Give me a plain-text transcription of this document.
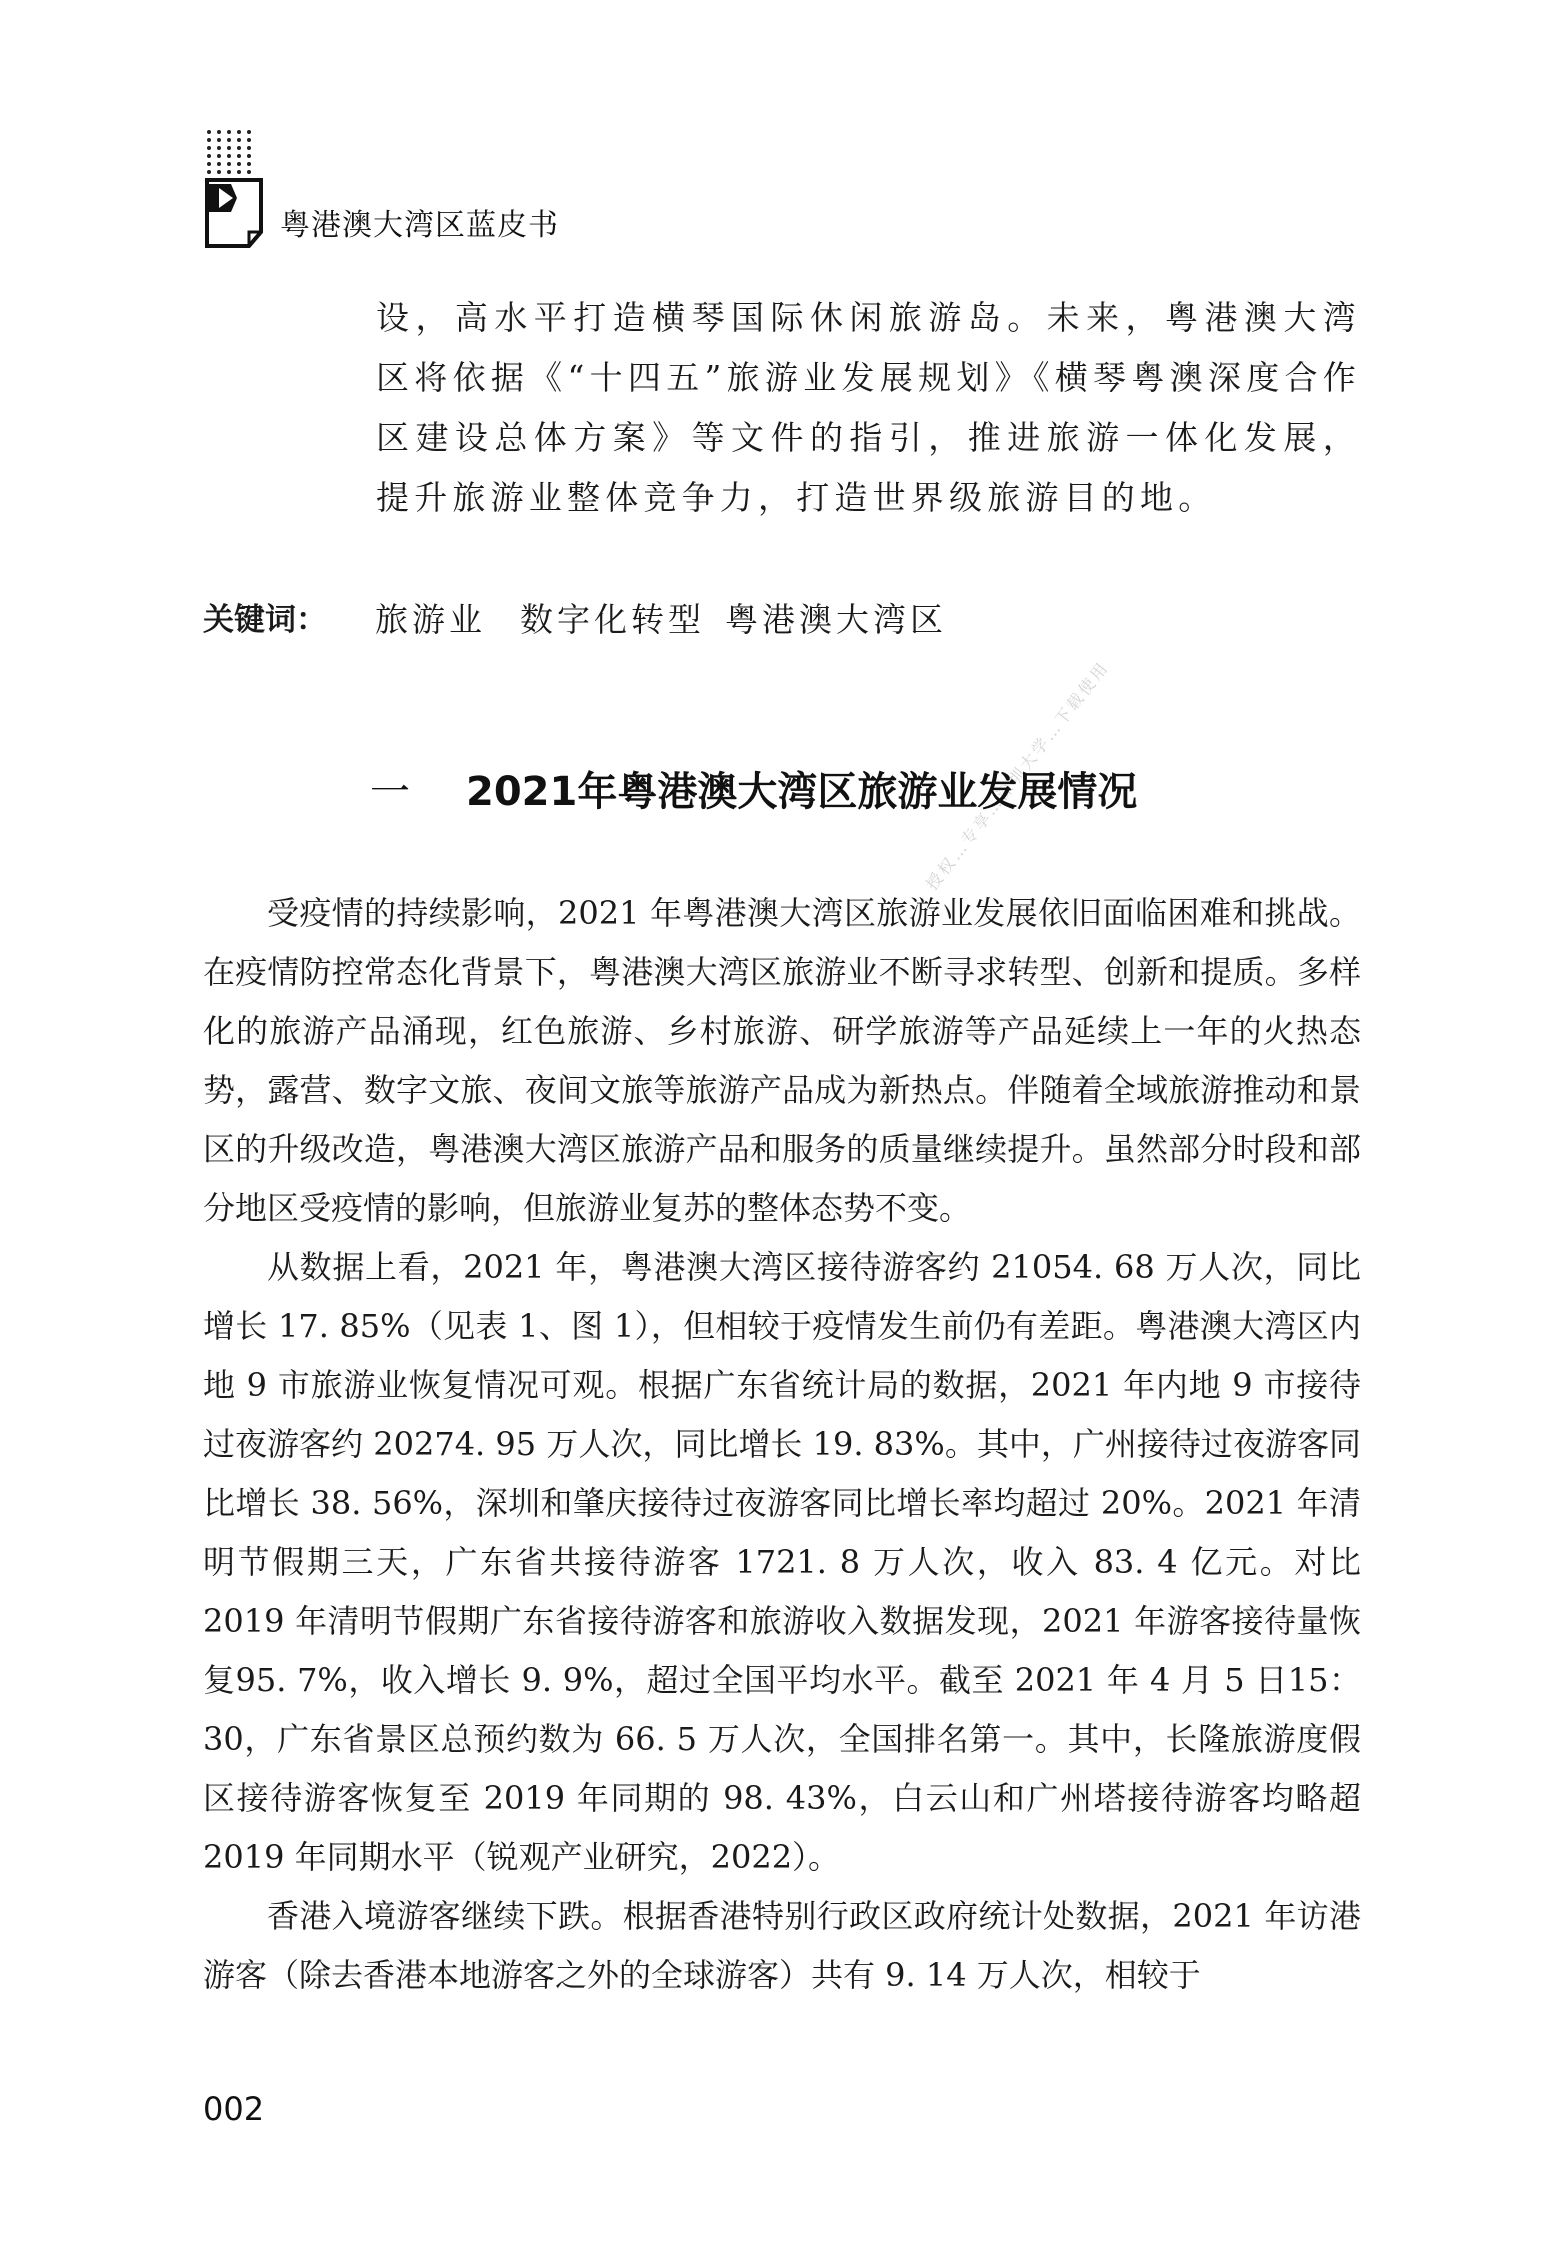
粤港澳大湾区蓝皮书
设，高水平打造横琴国际休闲旅游岛。未来，粤港澳大湾区将依据《“十四五”旅游业发展规划》《横琴粤澳深度合作区建设总体方案》等文件的指引，推进旅游一体化发展，提升旅游业整体竞争力，打造世界级旅游目的地。
关键词： 旅游业 数字化转型 粤港澳大湾区
授权…专享…深圳大学…下载使用
一 2021年粤港澳大湾区旅游业发展情况

受疫情的持续影响，2021 年粤港澳大湾区旅游业发展依旧面临困难和挑战。在疫情防控常态化背景下，粤港澳大湾区旅游业不断寻求转型、创新和提质。多样化的旅游产品涌现，红色旅游、乡村旅游、研学旅游等产品延续上一年的火热态势，露营、数字文旅、夜间文旅等旅游产品成为新热点。伴随着全域旅游推动和景区的升级改造，粤港澳大湾区旅游产品和服务的质量继续提升。虽然部分时段和部分地区受疫情的影响，但旅游业复苏的整体态势不变。

从数据上看，2021 年，粤港澳大湾区接待游客约 21054. 68 万人次，同比增长 17. 85%（见表 1、图 1），但相较于疫情发生前仍有差距。粤港澳大湾区内地 9 市旅游业恢复情况可观。根据广东省统计局的数据，2021 年内地 9 市接待过夜游客约 20274. 95 万人次，同比增长 19. 83%。其中，广州接待过夜游客同比增长 38. 56%，深圳和肇庆接待过夜游客同比增长率均超过 20%。2021 年清明节假期三天，广东省共接待游客 1721. 8 万人次，收入 83. 4 亿元。对比 2019 年清明节假期广东省接待游客和旅游收入数据发现，2021 年游客接待量恢复95. 7%，收入增长 9. 9%，超过全国平均水平。截至 2021 年 4 月 5 日15：30，广东省景区总预约数为 66. 5 万人次，全国排名第一。其中，长隆旅游度假区接待游客恢复至 2019 年同期的 98. 43%，白云山和广州塔接待游客均略超 2019 年同期水平（锐观产业研究，2022）。

香港入境游客继续下跌。根据香港特别行政区政府统计处数据，2021 年访港游客（除去香港本地游客之外的全球游客）共有 9. 14 万人次，相较于

002
